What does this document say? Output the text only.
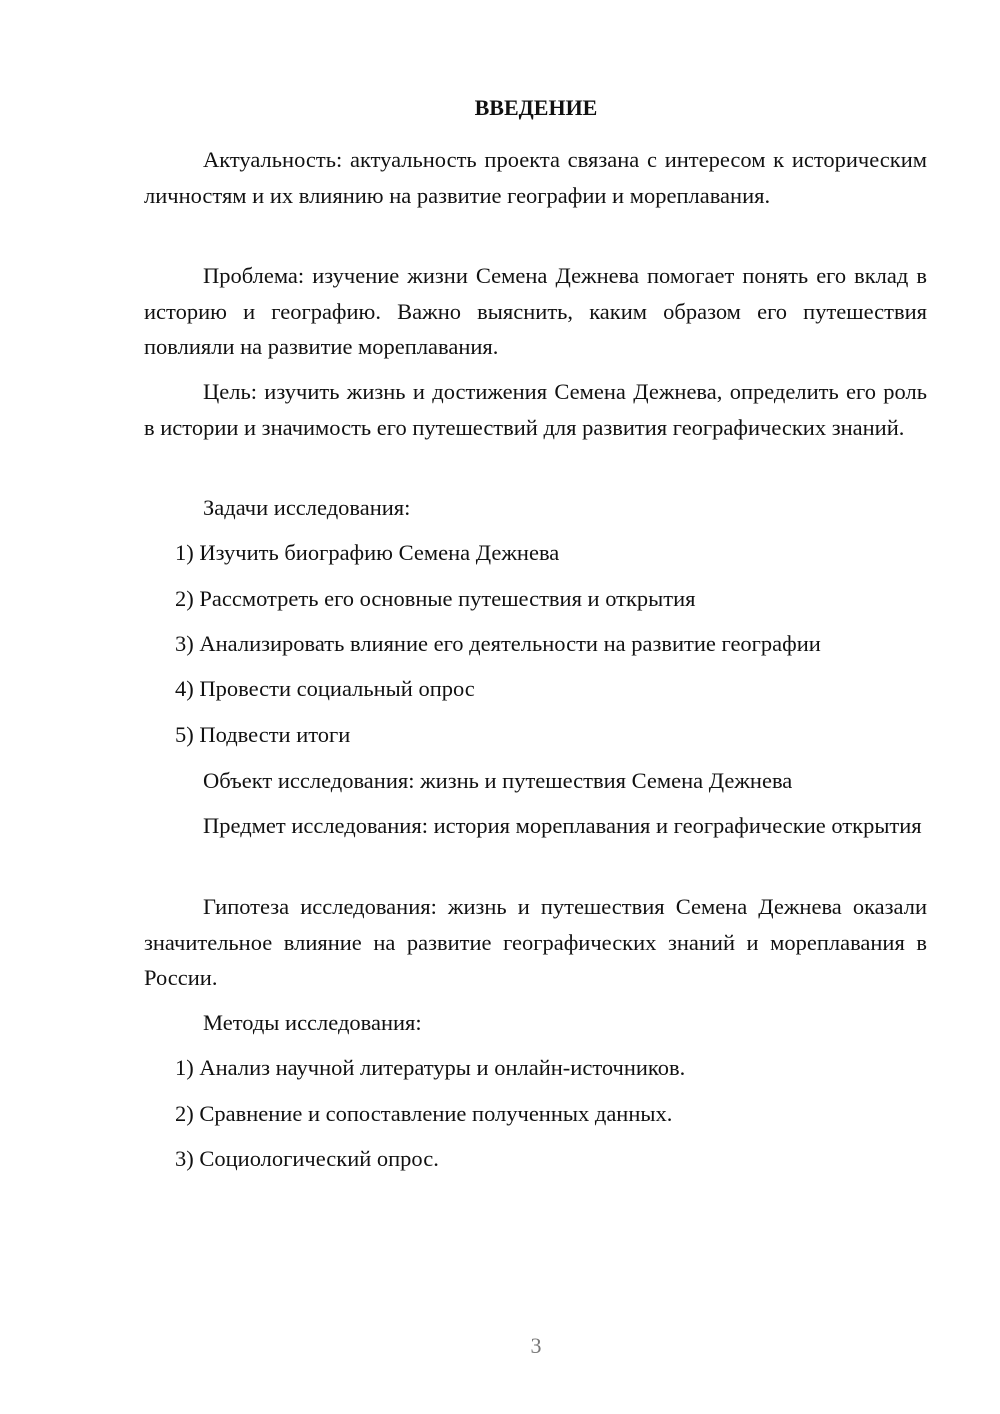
ВВЕДЕНИЕ
Актуальность: актуальность проекта связана с интересом к историческим личностям и их влиянию на развитие географии и мореплавания.
Проблема: изучение жизни Семена Дежнева помогает понять его вклад в историю и географию. Важно выяснить, каким образом его путешествия повлияли на развитие мореплавания.
Цель: изучить жизнь и достижения Семена Дежнева, определить его роль в истории и значимость его путешествий для развития географических знаний.
Задачи исследования:
1) Изучить биографию Семена Дежнева
2) Рассмотреть его основные путешествия и открытия
3) Анализировать влияние его деятельности на развитие географии
4) Провести социальный опрос
5) Подвести итоги
Объект исследования: жизнь и путешествия Семена Дежнева
Предмет исследования: история мореплавания и географические открытия
Гипотеза исследования: жизнь и путешествия Семена Дежнева оказали значительное влияние на развитие географических знаний и мореплавания в России.
Методы исследования:
1) Анализ научной литературы и онлайн-источников.
2) Сравнение и сопоставление полученных данных.
3) Социологический опрос.
3
